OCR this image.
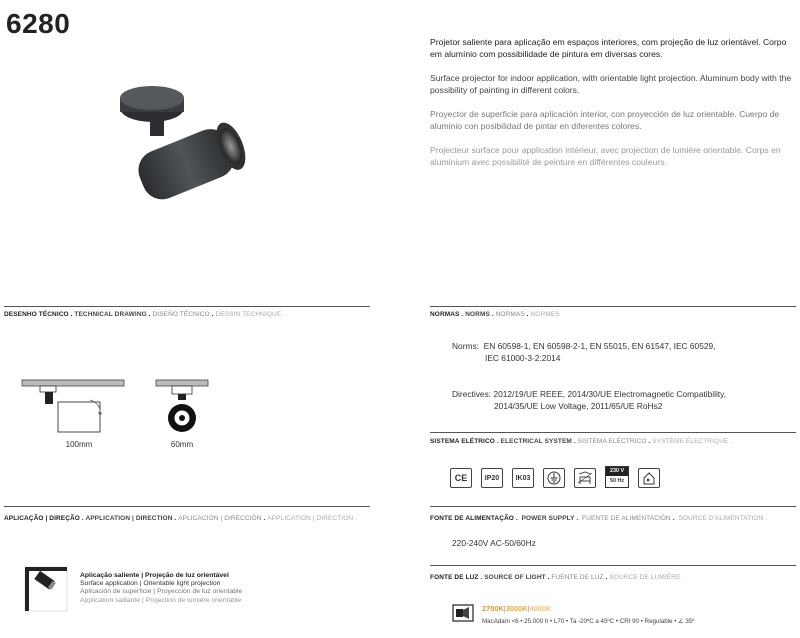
6280
Projetor saliente para aplicação em espaços interiores, com projeção de luz orientável. Corpo em alumínio com possibilidade de pintura em diversas cores.
Surface projector for indoor application, with orientable light projection. Aluminum body with the possibility of painting in different colors.
Proyector de superficie para aplicación interior, con proyección de luz orientable. Cuerpo de aluminio con posibilidad de pintar en diferentes colores.
Projecteur surface pour application intérieur, avec projection de lumière orientable. Corps en aluminium avec possibilité de peinture en différentes couleurs.
DESENHO TÉCNICO . TECHNICAL DRAWING . DISEÑO TÉCNICO . DESSIN TECHNIQUE .
100mm	60mm
APLICAÇÃO | DIREÇÃO . APPLICATION | DIRECTION . APLICACIÓN | DIRECCIÓN . APPLICATION | DIRECTION .
Aplicação saliente | Projeção de luz orientável
Surface application | Orientable light projection
Aplicación de superficie | Proyección de luz orientable
Application saillante | Projection de lumière orientable
NORMAS . NORMS . NORMAS . NORMES
Norms: EN 60598-1, EN 60598-2-1, EN 55015, EN 61547, IEC 60529,
IEC 61000-3-2:2014
Directives: 2012/19/UE REEE, 2014/30/UE Electromagnetic Compatibility,
2014/35/UE Low Voltage, 2011/65/UE RoHs2
SISTEMA ELÉTRICO . ELECTRICAL SYSTEM . SISTEMA ELÉCTRICO . SYSTÈME ÉLECTRIQUE .
CE	IP20	IK03
230 V
50 Hz
FONTE DE ALIMENTAÇÃO .  POWER SUPPLY .  FUENTE DE ALIMENTACIÓN .  SOURCE D'ALIMENTATION .
220-240V AC-50/60Hz
FONTE DE LUZ . SOURCE OF LIGHT . FUENTE DE LUZ . SOURCE DE LUMIÈRE .
2700K|3000K|4000K
MacAdam <6 • 25.000 h • L70 • Ta -20ºC a 45ºC • CRI 90 • Regulable • ∠ 35º
